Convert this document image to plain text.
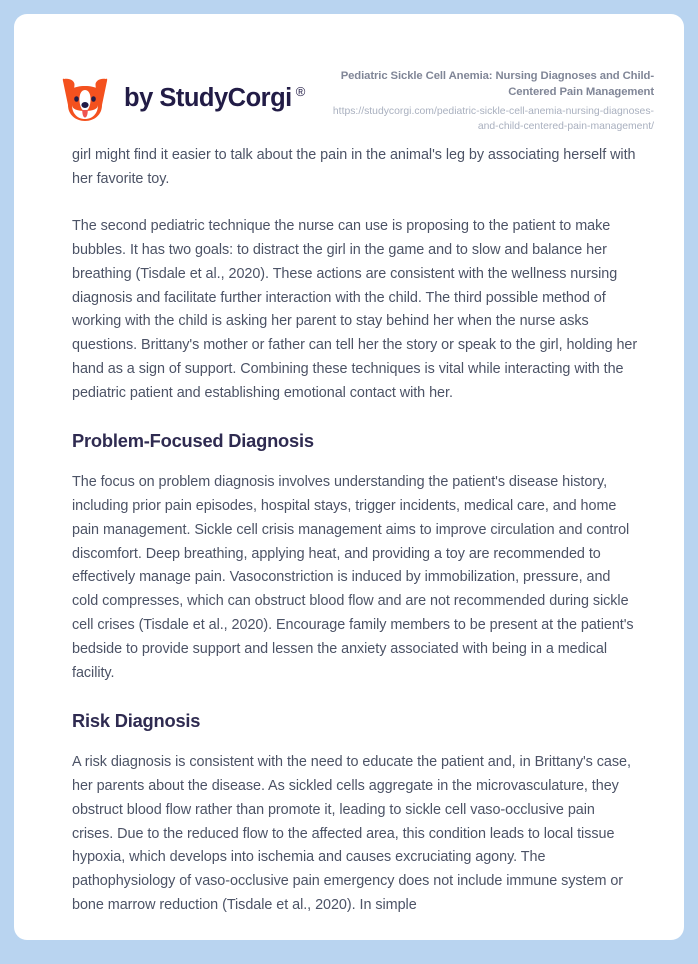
by StudyCorgi ®
Pediatric Sickle Cell Anemia: Nursing Diagnoses and Child-Centered Pain Management
https://studycorgi.com/pediatric-sickle-cell-anemia-nursing-diagnoses-and-child-centered-pain-management/

girl might find it easier to talk about the pain in the animal's leg by associating herself with her favorite toy.

The second pediatric technique the nurse can use is proposing to the patient to make bubbles. It has two goals: to distract the girl in the game and to slow and balance her breathing (Tisdale et al., 2020). These actions are consistent with the wellness nursing diagnosis and facilitate further interaction with the child. The third possible method of working with the child is asking her parent to stay behind her when the nurse asks questions. Brittany's mother or father can tell her the story or speak to the girl, holding her hand as a sign of support. Combining these techniques is vital while interacting with the pediatric patient and establishing emotional contact with her.

Problem-Focused Diagnosis

The focus on problem diagnosis involves understanding the patient's disease history, including prior pain episodes, hospital stays, trigger incidents, medical care, and home pain management. Sickle cell crisis management aims to improve circulation and control discomfort. Deep breathing, applying heat, and providing a toy are recommended to effectively manage pain. Vasoconstriction is induced by immobilization, pressure, and cold compresses, which can obstruct blood flow and are not recommended during sickle cell crises (Tisdale et al., 2020). Encourage family members to be present at the patient's bedside to provide support and lessen the anxiety associated with being in a medical facility.

Risk Diagnosis

A risk diagnosis is consistent with the need to educate the patient and, in Brittany's case, her parents about the disease. As sickled cells aggregate in the microvasculature, they obstruct blood flow rather than promote it, leading to sickle cell vaso-occlusive pain crises. Due to the reduced flow to the affected area, this condition leads to local tissue hypoxia, which develops into ischemia and causes excruciating agony. The pathophysiology of vaso-occlusive pain emergency does not include immune system or bone marrow reduction (Tisdale et al., 2020). In simple
